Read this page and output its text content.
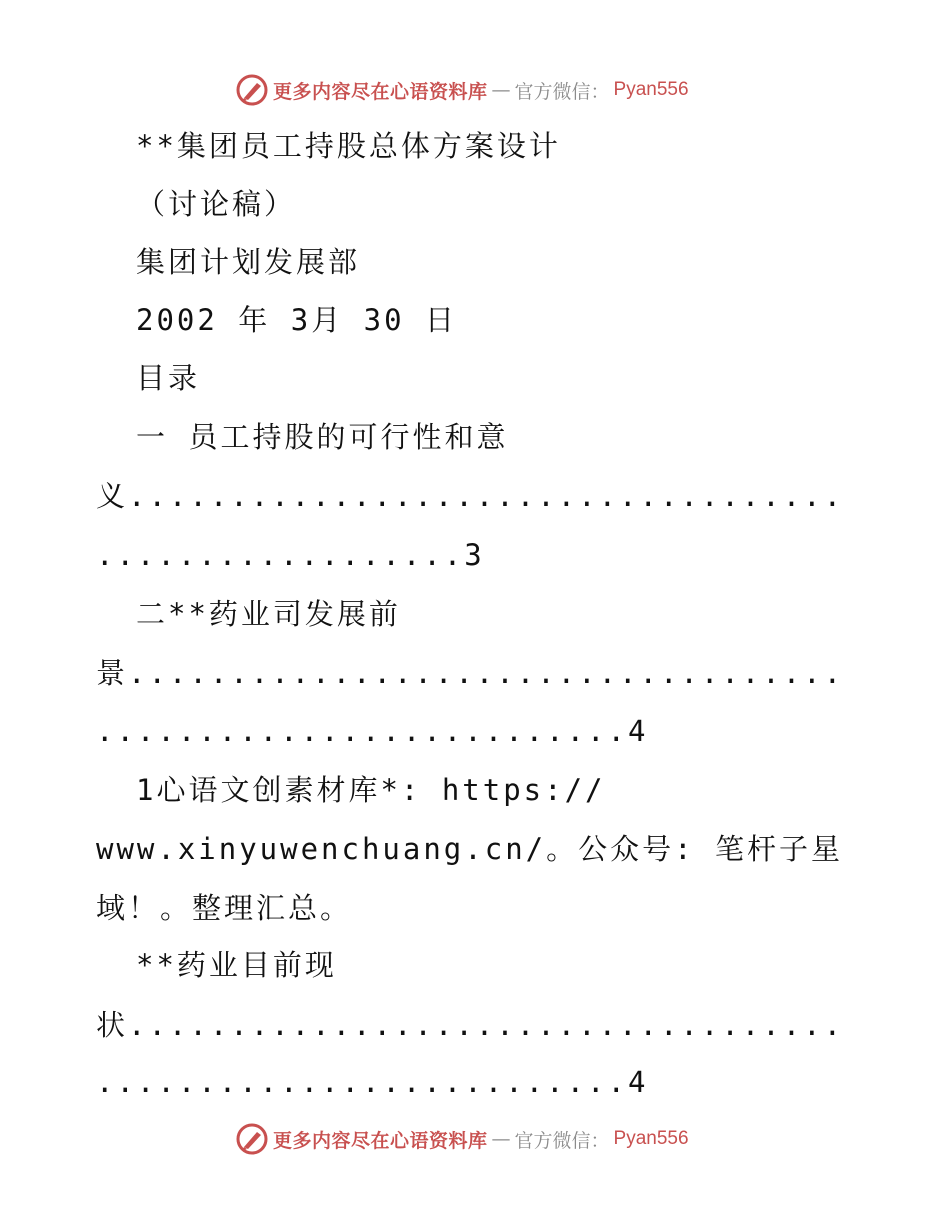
更多内容尽在心语资料库 — 官方微信： Pyan556
**集团员工持股总体方案设计
（讨论稿）
集团计划发展部
2002 年 3月 30 日
目录
一 员工持股的可行性和意
义...................................
..................3
二**药业司发展前
景...................................
..........................4
1心语文创素材库*: https://
www.xinyuwenchuang.cn/。公众号: 笔杆子星
域！。整理汇总。
**药业目前现
状...................................
..........................4
更多内容尽在心语资料库 — 官方微信： Pyan556
